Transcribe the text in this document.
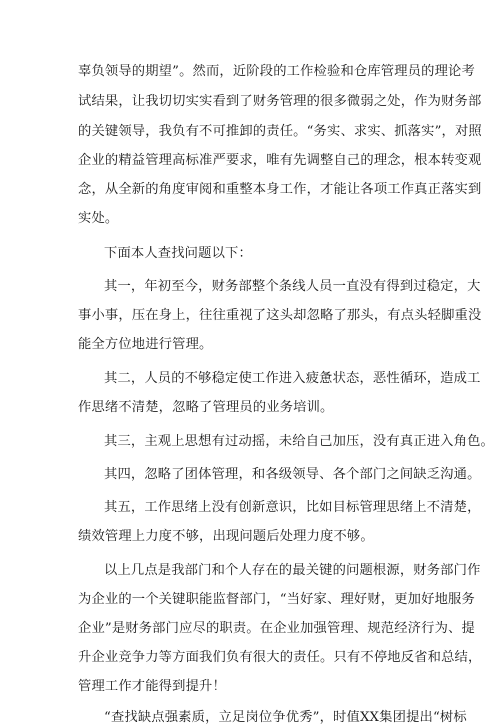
辜负领导的期望”。然而，近阶段的工作检验和仓库管理员的理论考
试结果，让我切切实实看到了财务管理的很多微弱之处，作为财务部
的关键领导，我负有不可推卸的责任。“务实、求实、抓落实”，对照
企业的精益管理高标准严要求，唯有先调整自己的理念，根本转变观
念，从全新的角度审阅和重整本身工作，才能让各项工作真正落实到
实处。
下面本人查找问题以下：
其一，年初至今，财务部整个条线人员一直没有得到过稳定，大
事小事，压在身上，往往重视了这头却忽略了那头，有点头轻脚重没
能全方位地进行管理。
其二，人员的不够稳定使工作进入疲惫状态，恶性循环，造成工
作思绪不清楚，忽略了管理员的业务培训。
其三，主观上思想有过动摇，未给自己加压，没有真正进入角色。
其四，忽略了团体管理，和各级领导、各个部门之间缺乏沟通。
其五，工作思绪上没有创新意识，比如目标管理思绪上不清楚，
绩效管理上力度不够，出现问题后处理力度不够。
以上几点是我部门和个人存在的最关键的问题根源，财务部门作
为企业的一个关键职能监督部门，“当好家、理好财，更加好地服务
企业”是财务部门应尽的职责。在企业加强管理、规范经济行为、提
升企业竞争力等方面我们负有很大的责任。只有不停地反省和总结，
管理工作才能得到提升！
“查找缺点强素质，立足岗位争优秀”，时值XX集团提出“树标
